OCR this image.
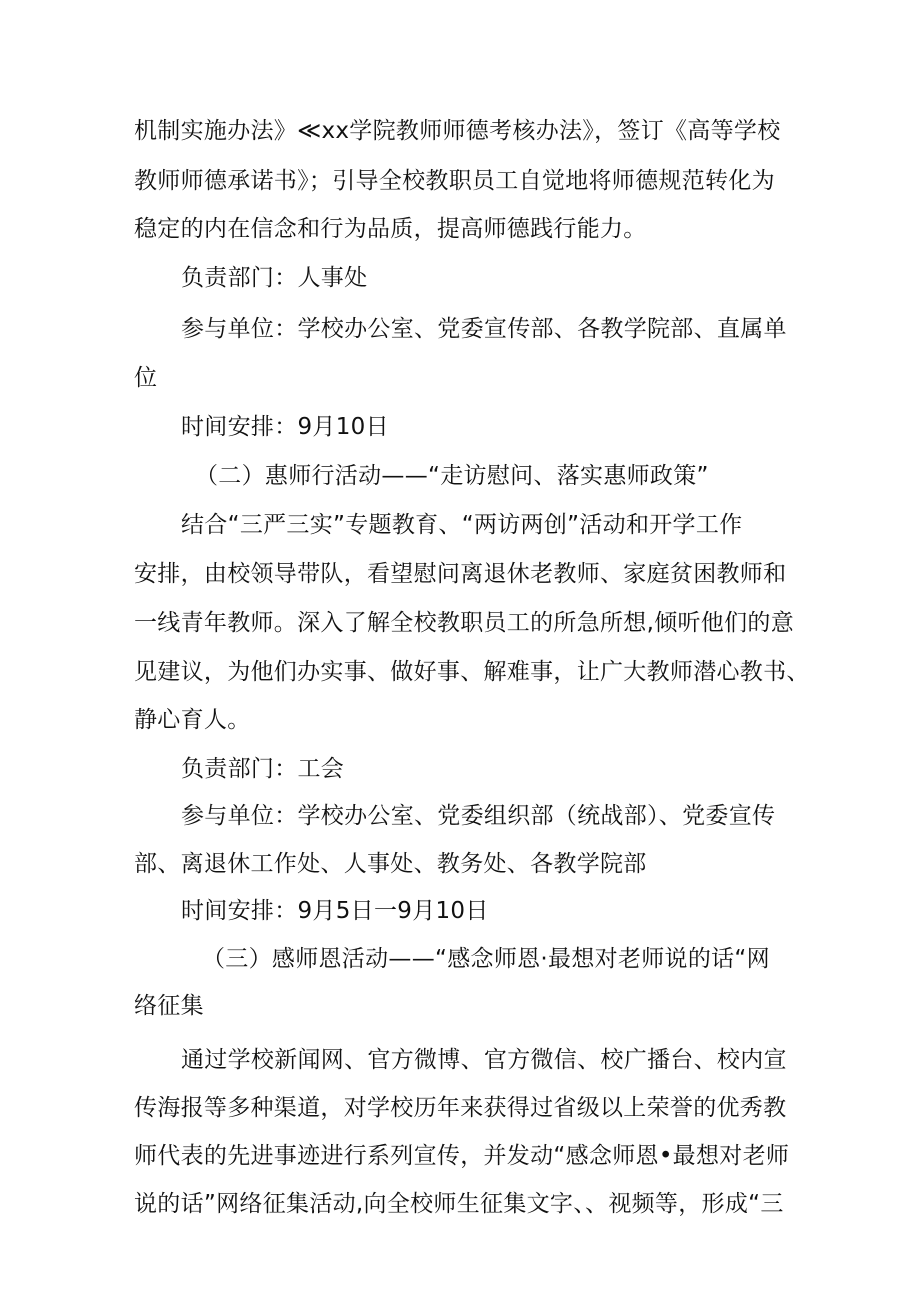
机制实施办法》≪xx学院教师师德考核办法》，签订《高等学校
教师师德承诺书》；引导全校教职员工自觉地将师德规范转化为
稳定的内在信念和行为品质，提高师德践行能力。
负责部门：人事处
参与单位：学校办公室、党委宣传部、各教学院部、直属单
位
时间安排：9月10日
（二）惠师行活动——“走访慰问、落实惠师政策”
结合“三严三实”专题教育、“两访两创”活动和开学工作
安排，由校领导带队，看望慰问离退休老教师、家庭贫困教师和
一线青年教师。深入了解全校教职员工的所急所想,倾听他们的意
见建议，为他们办实事、做好事、解难事，让广大教师潜心教书、
静心育人。
负责部门：工会
参与单位：学校办公室、党委组织部（统战部）、党委宣传
部、离退休工作处、人事处、教务处、各教学院部
时间安排：9月5日一9月10日
（三）感师恩活动——“感念师恩·最想对老师说的话“网
络征集
通过学校新闻网、官方微博、官方微信、校广播台、校内宣
传海报等多种渠道，对学校历年来获得过省级以上荣誉的优秀教
师代表的先进事迹进行系列宣传，并发动“感念师恩•最想对老师
说的话”网络征集活动,向全校师生征集文字、、视频等，形成“三
